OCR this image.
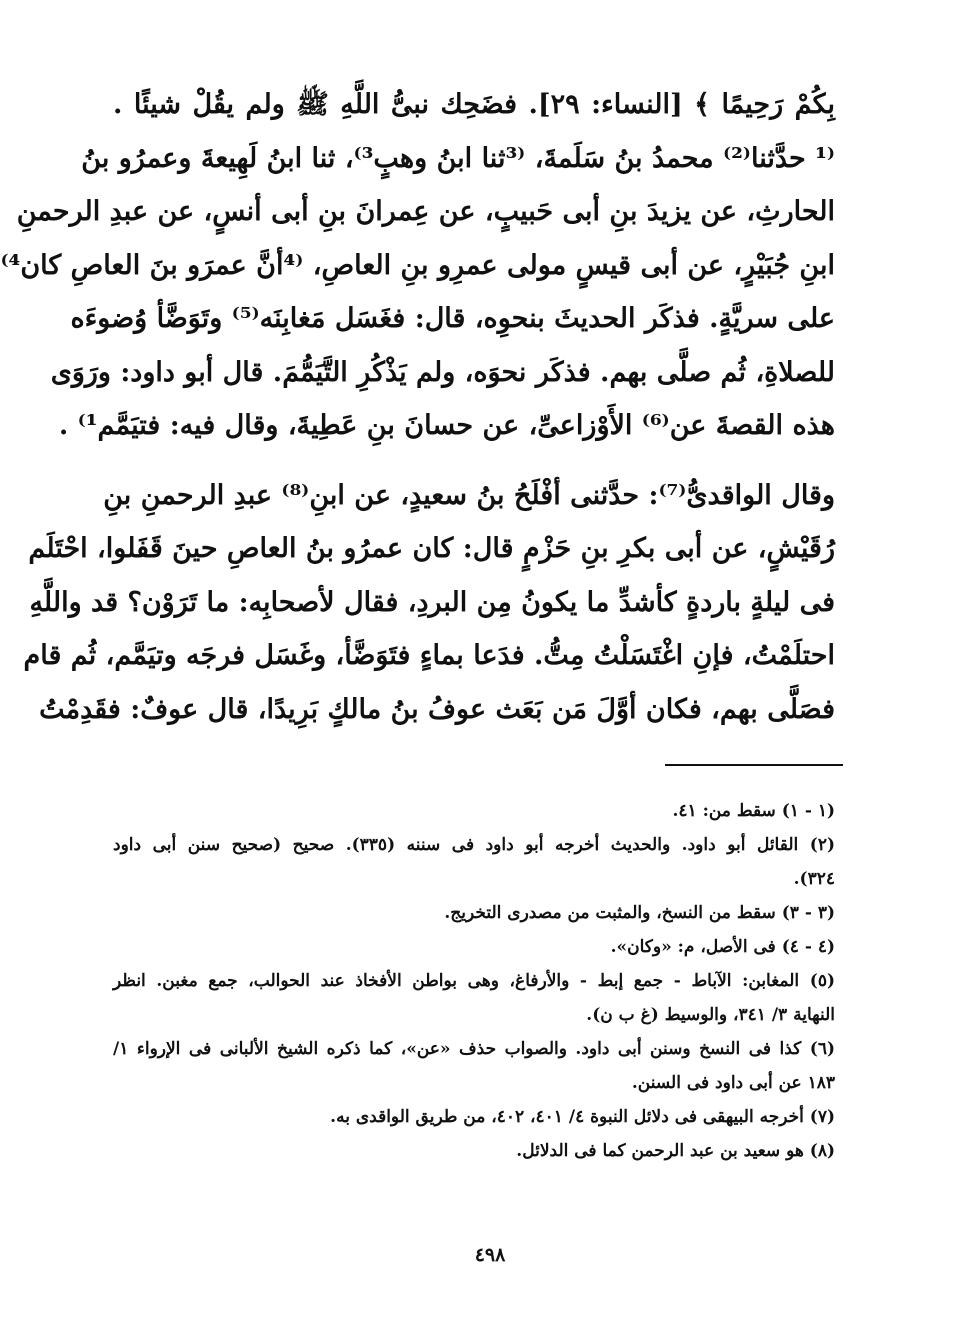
بِكُمْ رَحِيمًا ﴾ [النساء: ٢٩]. فضَحِك نبىُّ اللَّهِ ﷺ ولم يقُلْ شيئًا .
⁽¹ حدَّثنا⁽²⁾ محمدُ بنُ سَلَمةَ، ⁽³ثنا ابنُ وهبٍ³⁾، ثنا ابنُ لَهِيعةَ وعمرُو بنُ
الحارثِ، عن يزيدَ بنِ أبى حَبيبٍ، عن عِمرانَ بنِ أبى أنسٍ، عن عبدِ الرحمنِ
ابنِ جُبَيْرٍ، عن أبى قيسٍ مولى عمرِو بنِ العاصِ، ⁽⁴أنَّ عمرَو بنَ العاصِ كان⁴⁾
على سريَّةٍ. فذكَر الحديثَ بنحوِه، قال: فغَسَل مَغابِنَه⁽⁵⁾ وتَوَضَّأ وُضوءَه
للصلاةِ، ثُم صلَّى بهم. فذكَر نحوَه، ولم يَذْكُرِ التَّيَمُّمَ. قال أبو داود: ورَوَى
هذه القصةَ عن⁽⁶⁾ الأَوْزاعىِّ، عن حسانَ بنِ عَطِيةَ، وقال فيه: فتيَمَّم¹⁾ .
وقال الواقدىُّ⁽⁷⁾: حدَّثنى أفْلَحُ بنُ سعيدٍ، عن ابنِ⁽⁸⁾ عبدِ الرحمنِ بنِ
رُقَيْشٍ، عن أبى بكرِ بنِ حَزْمٍ قال: كان عمرُو بنُ العاصِ حينَ قَفَلوا، احْتَلَم
فى ليلةٍ باردةٍ كأشدِّ ما يكونُ مِن البردِ، فقال لأصحابِه: ما تَرَوْن؟ قد واللَّهِ
احتلَمْتُ، فإنِ اغْتَسَلْتُ مِتُّ. فدَعا بماءٍ فتَوَضَّأ، وغَسَل فرجَه وتيَمَّم، ثُم قام
فصَلَّى بهم، فكان أوَّلَ مَن بَعَث عوفُ بنُ مالكٍ بَرِيدًا، قال عوفٌ: فقَدِمْتُ
(١ - ١) سقط من: ٤١.
(٢) القائل أبو داود. والحديث أخرجه أبو داود فى سننه (٣٣٥). صحيح (صحيح سنن أبى داود
٣٢٤).
(٣ - ٣) سقط من النسخ، والمثبت من مصدرى التخريج.
(٤ - ٤) فى الأصل، م: «وكان».
(٥) المغابن: الآباط - جمع إبط - والأرفاغ، وهى بواطن الأفخاذ عند الحوالب، جمع مغبن. انظر
النهاية ٣/ ٣٤١، والوسيط (غ ب ن).
(٦) كذا فى النسخ وسنن أبى داود. والصواب حذف «عن»، كما ذكره الشيخ الألبانى فى الإرواء ١/
١٨٣ عن أبى داود فى السنن.
(٧) أخرجه البيهقى فى دلائل النبوة ٤/ ٤٠١، ٤٠٢، من طريق الواقدى به.
(٨) هو سعيد بن عبد الرحمن كما فى الدلائل.
٤٩٨
